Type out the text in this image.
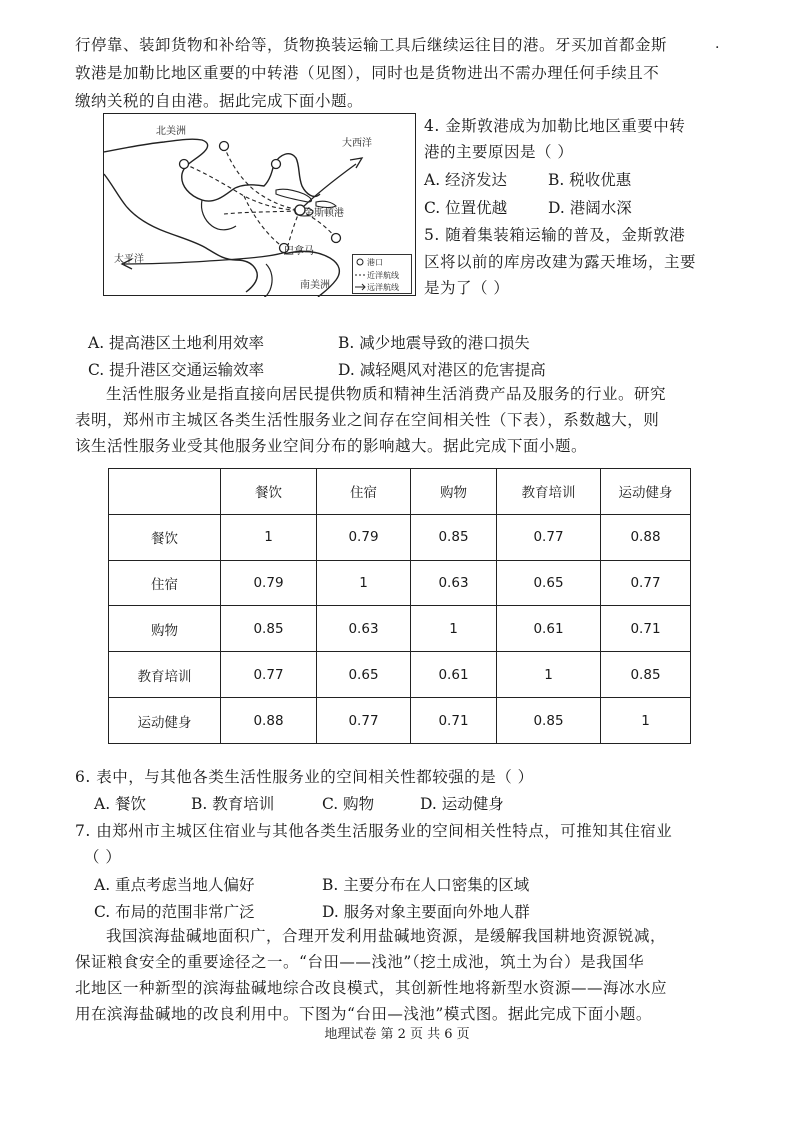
.
行停靠、装卸货物和补给等，货物换装运输工具后继续运往目的港。牙买加首都金斯
敦港是加勒比地区重要的中转港（见图），同时也是货物进出不需办理任何手续且不
缴纳关税的自由港。据此完成下面小题。
北美洲
大西洋
太平洋
南美洲
金斯顿港
巴拿马
港口
近洋航线
远洋航线
4. 金斯敦港成为加勒比地区重要中转
港的主要原因是（ ）
A. 经济发达	B. 税收优惠
C. 位置优越	D. 港阔水深
5. 随着集装箱运输的普及，金斯敦港
区将以前的库房改建为露天堆场，主要
是为了（ ）
A. 提高港区土地利用效率	B. 减少地震导致的港口损失
C. 提升港区交通运输效率	D. 减轻飓风对港区的危害提高
生活性服务业是指直接向居民提供物质和精神生活消费产品及服务的行业。研究
表明，郑州市主城区各类生活性服务业之间存在空间相关性（下表），系数越大，则
该生活性服务业受其他服务业空间分布的影响越大。据此完成下面小题。
	餐饮	住宿	购物	教育培训	运动健身
餐饮	1	0.79	0.85	0.77	0.88
住宿	0.79	1	0.63	0.65	0.77
购物	0.85	0.63	1	0.61	0.71
教育培训	0.77	0.65	0.61	1	0.85
运动健身	0.88	0.77	0.71	0.85	1
6. 表中，与其他各类生活性服务业的空间相关性都较强的是（ ）
A. 餐饮	B. 教育培训	C. 购物	D. 运动健身
7. 由郑州市主城区住宿业与其他各类生活服务业的空间相关性特点，可推知其住宿业
（ ）
A. 重点考虑当地人偏好	B. 主要分布在人口密集的区域
C. 布局的范围非常广泛	D. 服务对象主要面向外地人群
我国滨海盐碱地面积广，合理开发利用盐碱地资源，是缓解我国耕地资源锐减，
保证粮食安全的重要途径之一。“台田——浅池”（挖土成池，筑土为台）是我国华
北地区一种新型的滨海盐碱地综合改良模式，其创新性地将新型水资源——海冰水应
用在滨海盐碱地的改良利用中。下图为“台田—浅池”模式图。据此完成下面小题。
地理试卷 第 2 页 共 6 页
